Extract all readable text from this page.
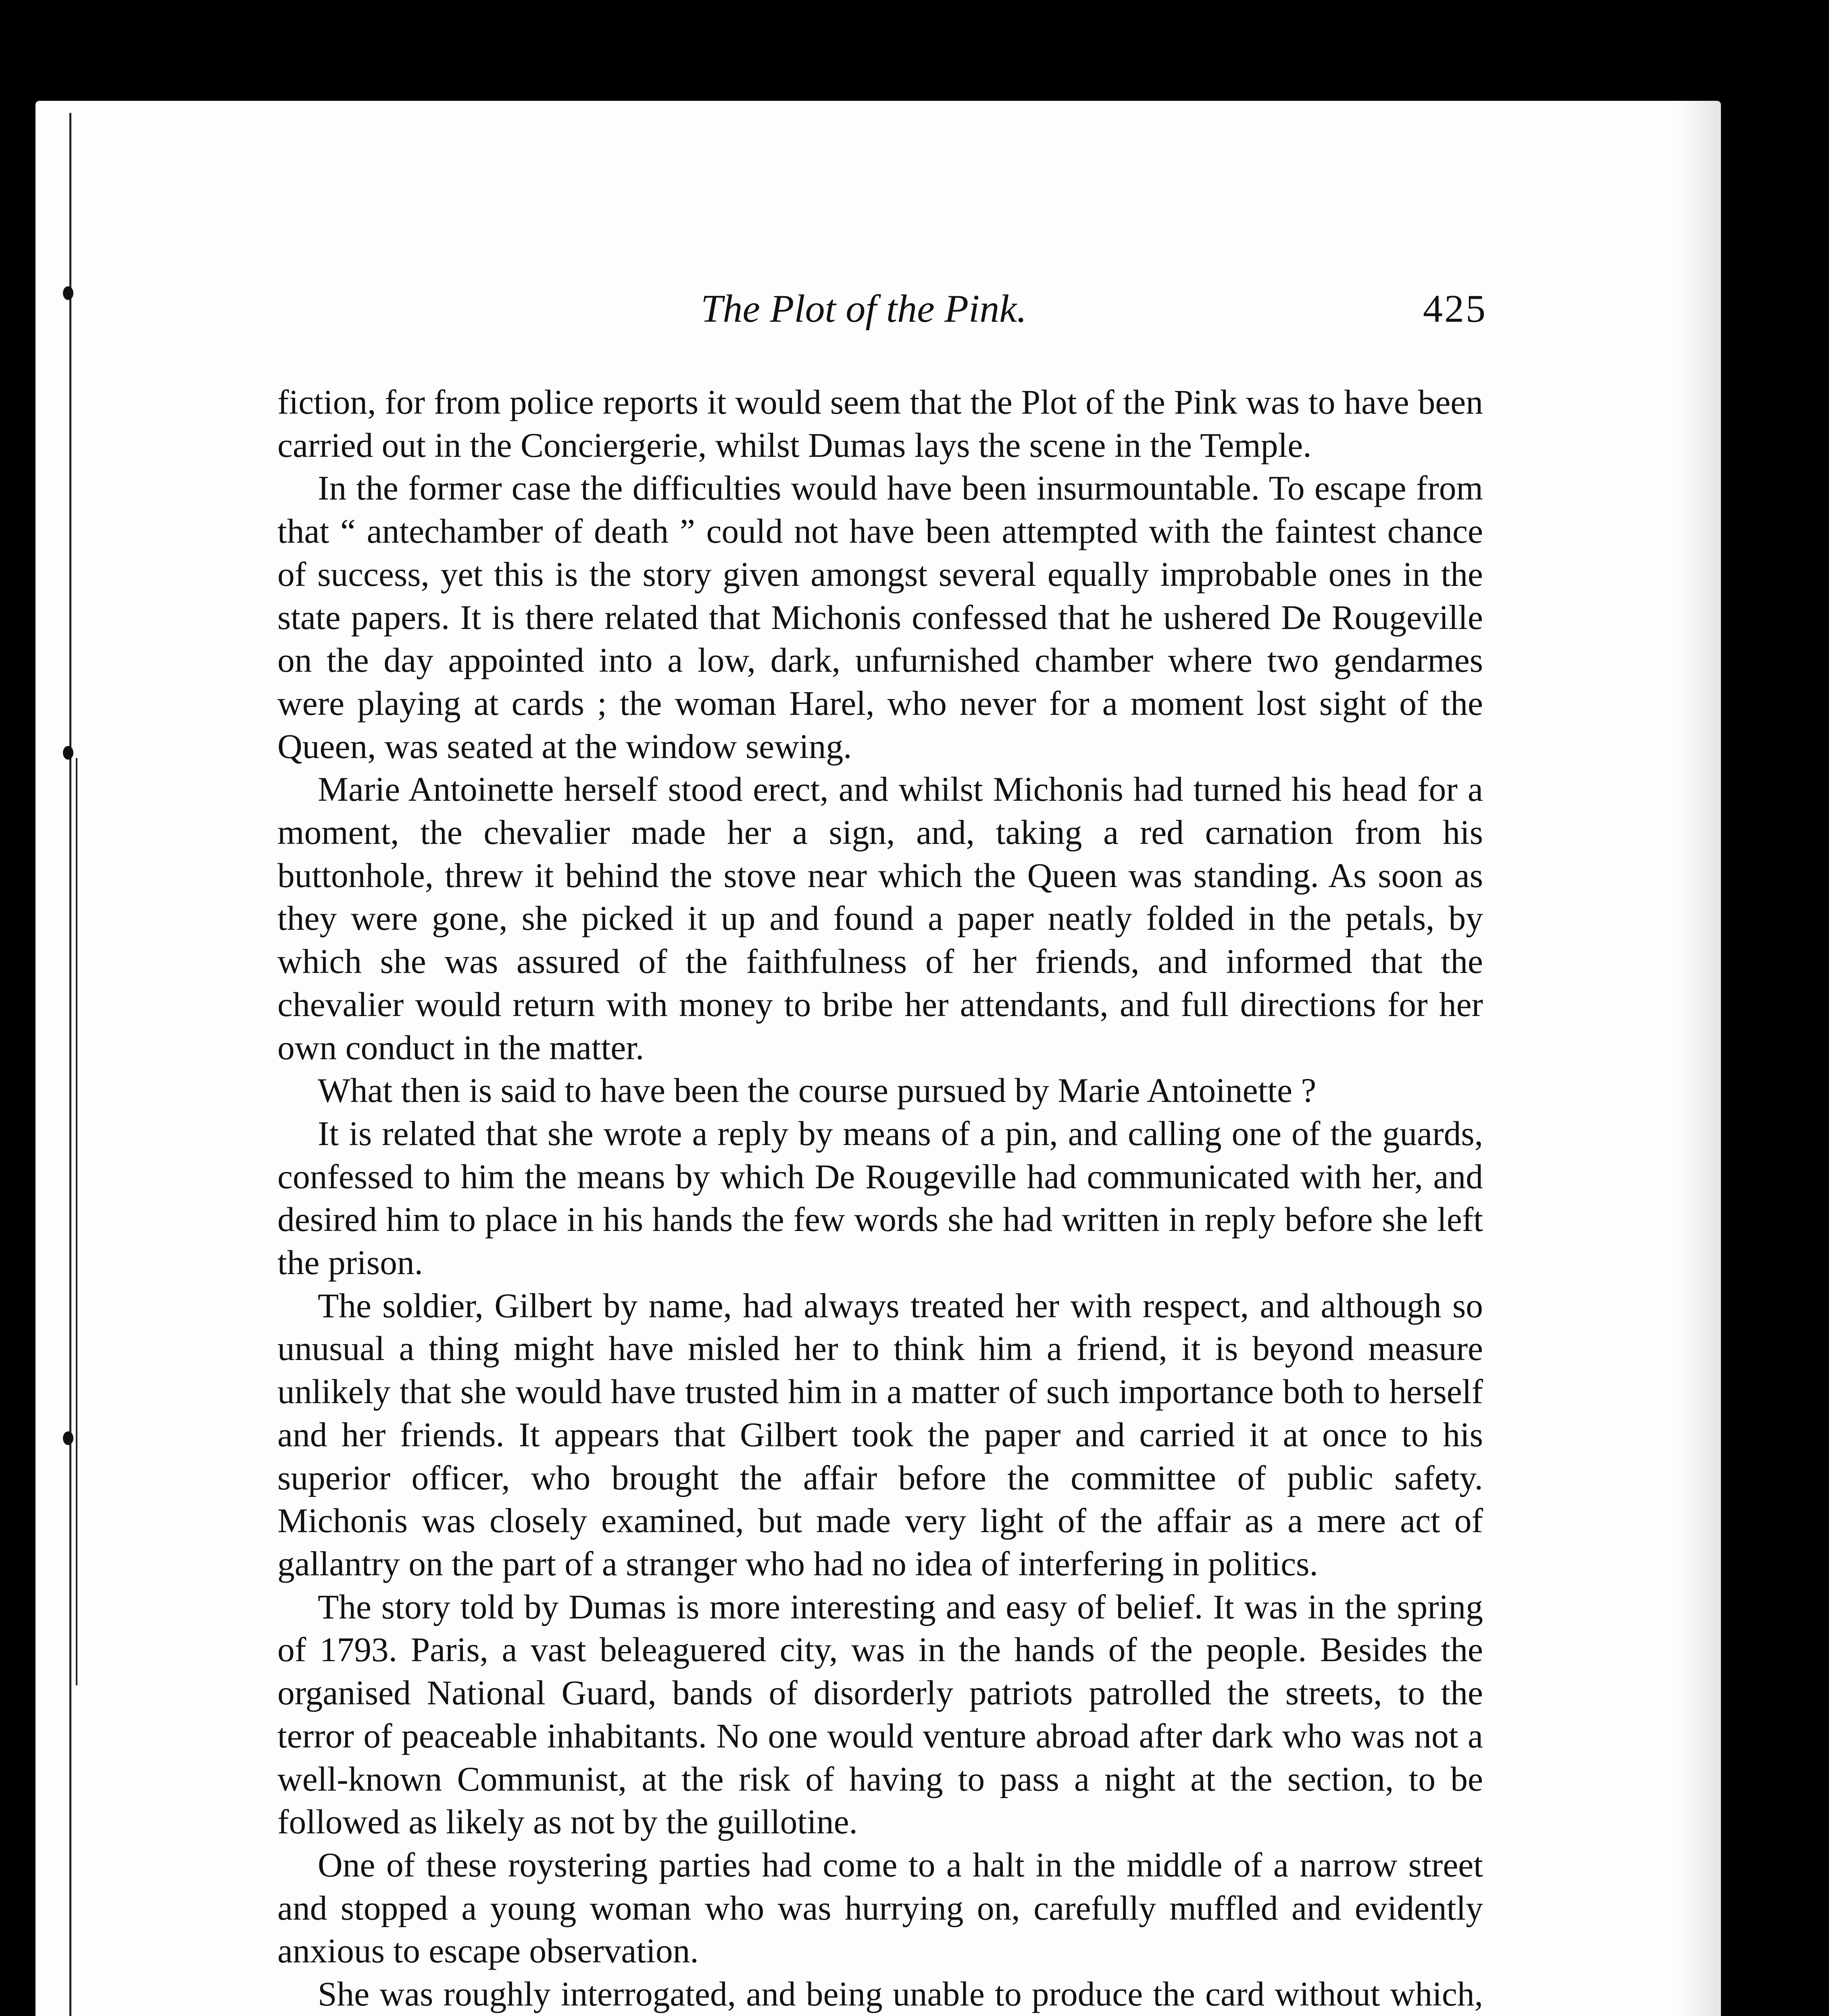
The Plot of the Pink.	425

fiction, for from police reports it would seem that the Plot of the Pink was to have been carried out in the Conciergerie, whilst Dumas lays the scene in the Temple.

In the former case the difficulties would have been insurmountable. To escape from that “ antechamber of death ” could not have been attempted with the faintest chance of success, yet this is the story given amongst several equally improbable ones in the state papers. It is there related that Michonis confessed that he ushered De Rougeville on the day appointed into a low, dark, unfurnished chamber where two gendarmes were playing at cards ; the woman Harel, who never for a moment lost sight of the Queen, was seated at the window sewing.

Marie Antoinette herself stood erect, and whilst Michonis had turned his head for a moment, the chevalier made her a sign, and, taking a red carnation from his buttonhole, threw it behind the stove near which the Queen was standing. As soon as they were gone, she picked it up and found a paper neatly folded in the petals, by which she was assured of the faithfulness of her friends, and informed that the chevalier would return with money to bribe her attendants, and full directions for her own conduct in the matter.

What then is said to have been the course pursued by Marie Antoinette ?

It is related that she wrote a reply by means of a pin, and calling one of the guards, confessed to him the means by which De Rougeville had communicated with her, and desired him to place in his hands the few words she had written in reply before she left the prison.

The soldier, Gilbert by name, had always treated her with respect, and although so unusual a thing might have misled her to think him a friend, it is beyond measure unlikely that she would have trusted him in a matter of such importance both to herself and her friends. It appears that Gilbert took the paper and carried it at once to his superior officer, who brought the affair before the committee of public safety. Michonis was closely examined, but made very light of the affair as a mere act of gallantry on the part of a stranger who had no idea of interfering in politics.

The story told by Dumas is more interesting and easy of belief. It was in the spring of 1793. Paris, a vast beleaguered city, was in the hands of the people. Besides the organised National Guard, bands of disorderly patriots patrolled the streets, to the terror of peaceable inhabitants. No one would venture abroad after dark who was not a well-known Communist, at the risk of having to pass a night at the section, to be followed as likely as not by the guillotine.

One of these roystering parties had come to a halt in the middle of a narrow street and stopped a young woman who was hurrying on, carefully muffled and evidently anxious to escape observation.

She was roughly interrogated, and being unable to produce the card without which,
